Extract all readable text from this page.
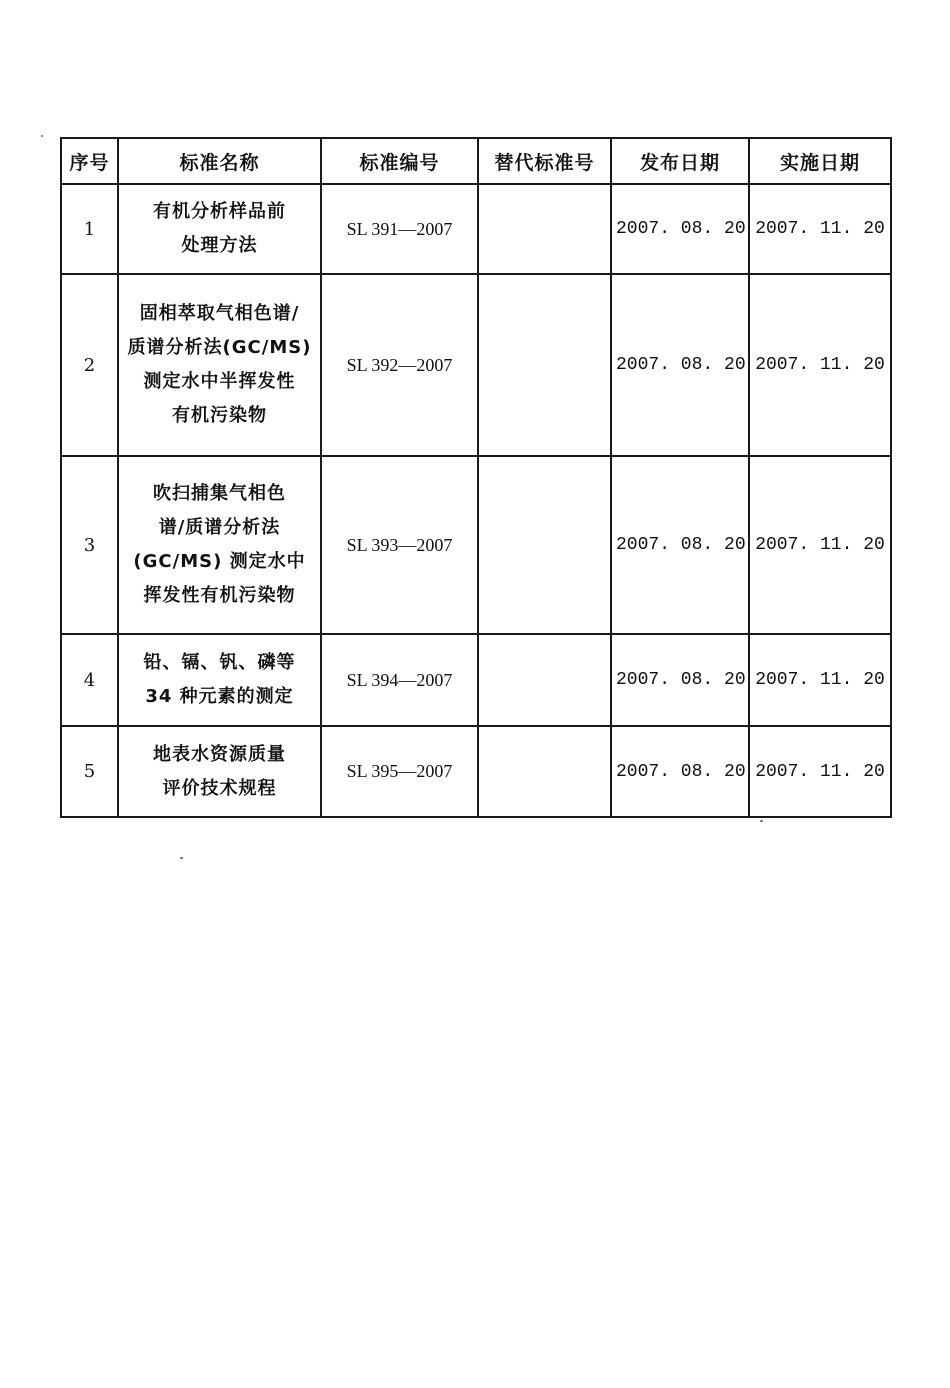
序号	标准名称	标准编号	替代标准号	发布日期	实施日期
1	有机分析样品前
处理方法	SL 391—2007		2007. 08. 20	2007. 11. 20
2	固相萃取气相色谱/
质谱分析法(GC/MS)
测定水中半挥发性
有机污染物	SL 392—2007		2007. 08. 20	2007. 11. 20
3	吹扫捕集气相色
谱/质谱分析法
(GC/MS) 测定水中
挥发性有机污染物	SL 393—2007		2007. 08. 20	2007. 11. 20
4	铅、镉、钒、磷等
34 种元素的测定	SL 394—2007		2007. 08. 20	2007. 11. 20
5	地表水资源质量
评价技术规程	SL 395—2007		2007. 08. 20	2007. 11. 20
